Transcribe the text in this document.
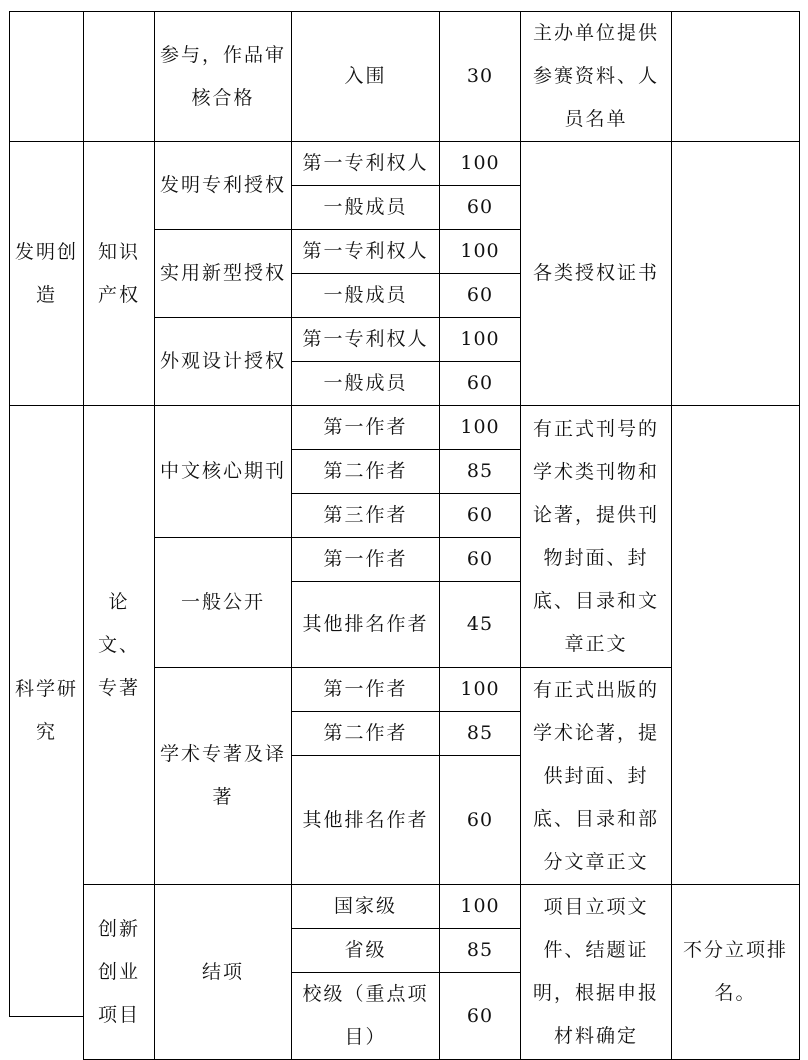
		参与，作品审核合格	入围	30	主办单位提供参赛资料、人员名单	
发明创造	知识产权	发明专利授权	第一专利权人	100	各类授权证书	
			一般成员	60		
		实用新型授权	第一专利权人	100		
			一般成员	60		
		外观设计授权	第一专利权人	100		
			一般成员	60		
科学研究	论文、专著	中文核心期刊	第一作者	100	有正式刊号的学术类刊物和论著，提供刊物封面、封底、目录和文章正文	
			第二作者	85		
			第三作者	60		
		一般公开	第一作者	60		
			其他排名作者	45		

		学术专著及译著	第一作者	100	有正式出版的学术论著，提供封面、封底、目录和部分文章正文	
			第二作者	85		
			其他排名作者	60		

	创新创业项目	结项	国家级	100	项目立项文件、结题证明，根据申报材料确定	不分立项排名。
			省级	85		
			校级（重点项目）	60		
